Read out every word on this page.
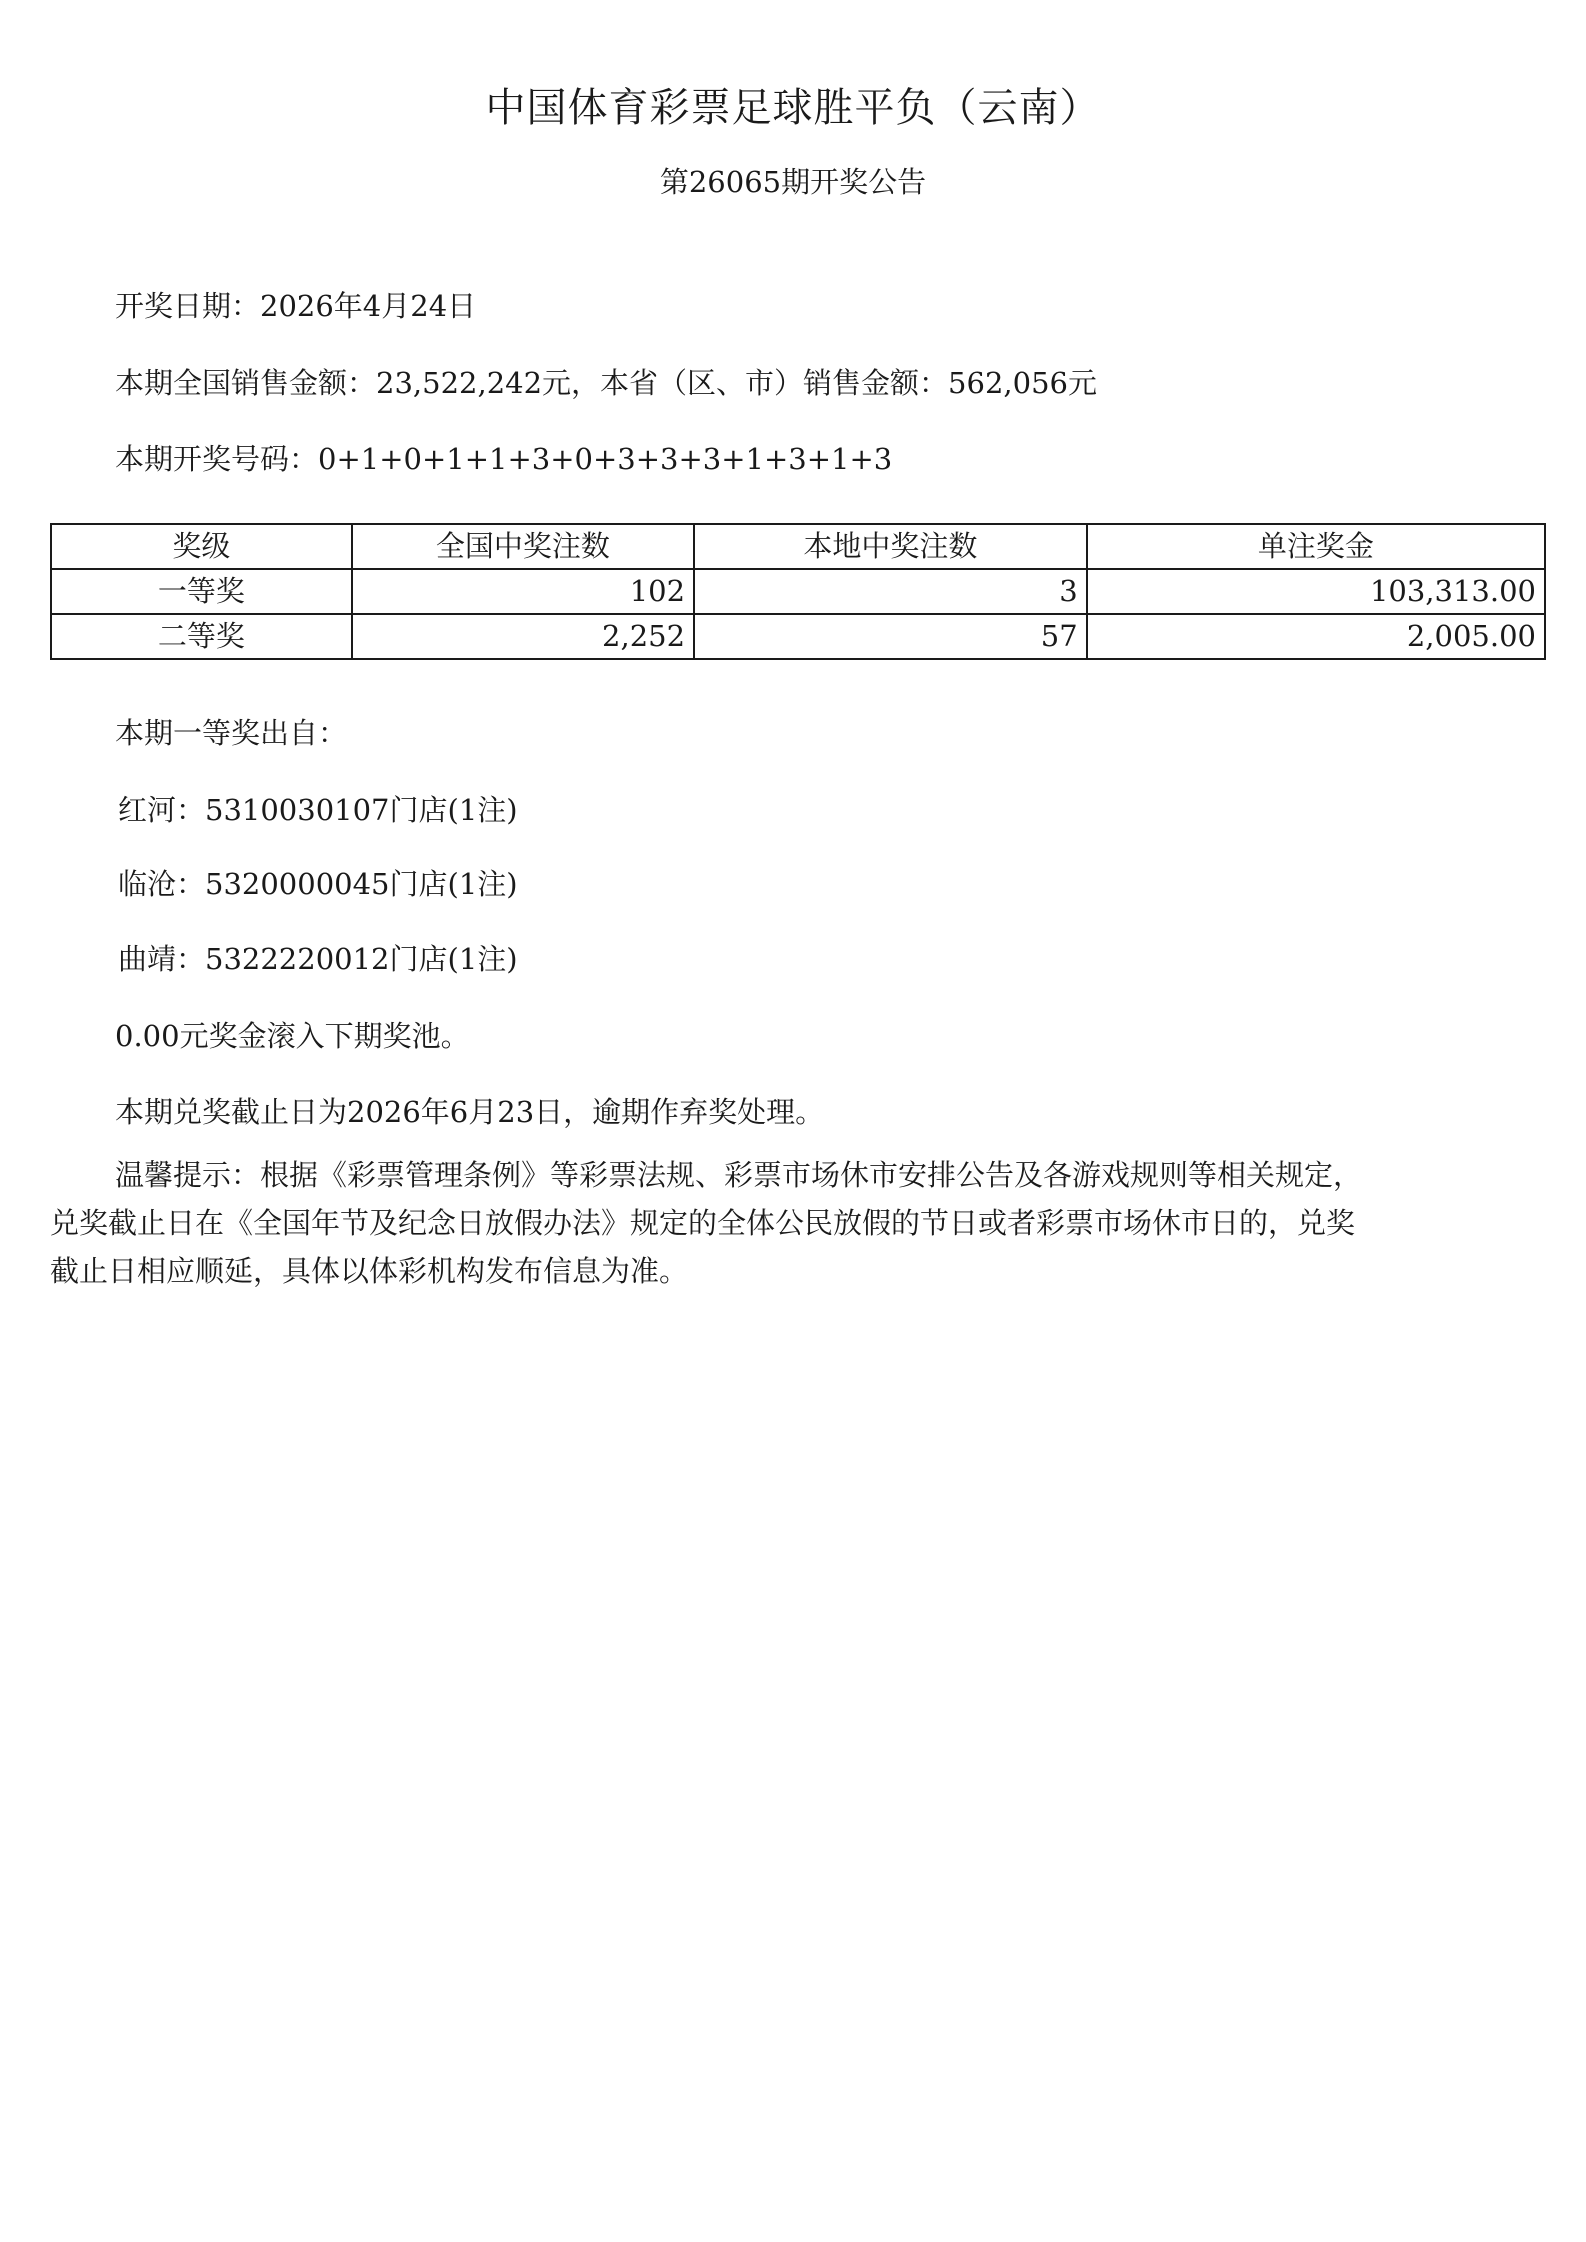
中国体育彩票足球胜平负（云南）
第26065期开奖公告
开奖日期：2026年4月24日
本期全国销售金额：23,522,242元，本省（区、市）销售金额：562,056元
本期开奖号码：0+1+0+1+1+3+0+3+3+3+1+3+1+3
奖级	全国中奖注数	本地中奖注数	单注奖金
一等奖	102	3	103,313.00
二等奖	2,252	57	2,005.00
本期一等奖出自：
红河：5310030107门店(1注)
临沧：5320000045门店(1注)
曲靖：5322220012门店(1注)
0.00元奖金滚入下期奖池。
本期兑奖截止日为2026年6月23日，逾期作弃奖处理。
温馨提示：根据《彩票管理条例》等彩票法规、彩票市场休市安排公告及各游戏规则等相关规定，
兑奖截止日在《全国年节及纪念日放假办法》规定的全体公民放假的节日或者彩票市场休市日的，兑奖
截止日相应顺延，具体以体彩机构发布信息为准。
